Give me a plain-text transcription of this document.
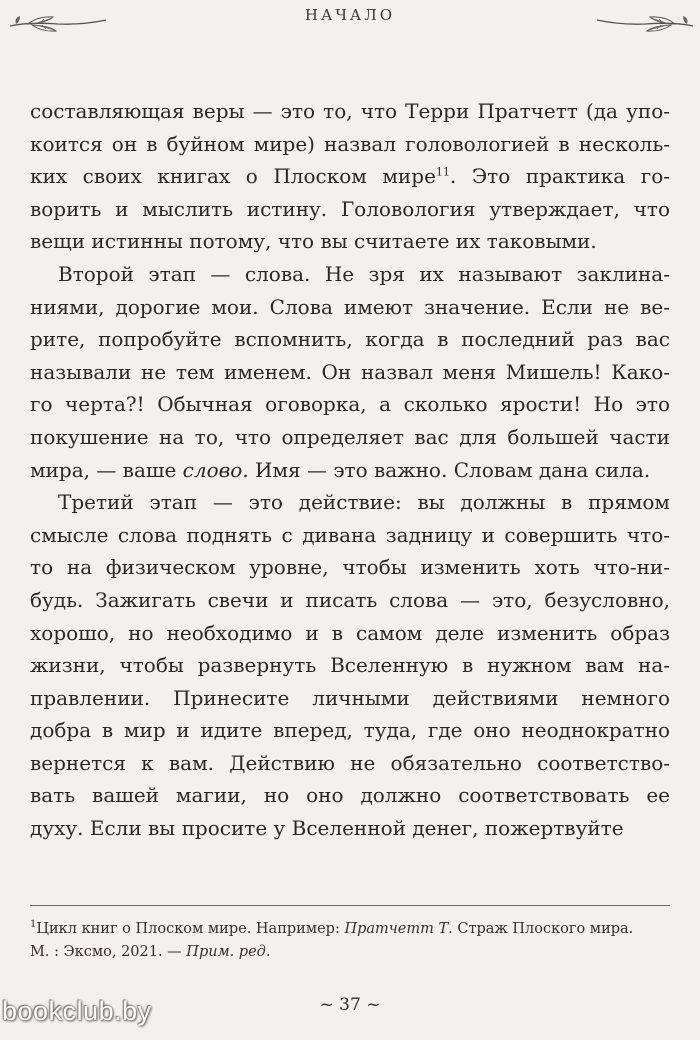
НАЧАЛО
составляющая веры — это то, что Терри Пратчетт (да упо-
коится он в буйном мире) назвал головологией в несколь-
ких своих книгах о Плоском мире$^{11}$. Это практика го-
ворить и мыслить истину. Головология утверждает, что
вещи истинны потому, что вы считаете их таковыми.
Второй этап — слова. Не зря их называют заклина-
ниями, дорогие мои. Слова имеют значение. Если не ве-
рите, попробуйте вспомнить, когда в последний раз вас
называли не тем именем. Он назвал меня Мишель! Како-
го черта?! Обычная оговорка, а сколько ярости! Но это
покушение на то, что определяет вас для большей части
мира, — ваше слово. Имя — это важно. Словам дана сила.
Третий этап — это действие: вы должны в прямом
смысле слова поднять с дивана задницу и совершить что-
то на физическом уровне, чтобы изменить хоть что-ни-
будь. Зажигать свечи и писать слова — это, безусловно,
хорошо, но необходимо и в самом деле изменить образ
жизни, чтобы развернуть Вселенную в нужном вам на-
правлении. Принесите личными действиями немного
добра в мир и идите вперед, туда, где оно неоднократно
вернется к вам. Действию не обязательно соответство-
вать вашей магии, но оно должно соответствовать ее
духу. Если вы просите у Вселенной денег, пожертвуйте
$^1$Цикл книг о Плоском мире. Например: Пратчетт Т. Страж Плоского мира.
М. : Эксмо, 2021. — Прим. ред.
~ 37 ~
bookclub.by
